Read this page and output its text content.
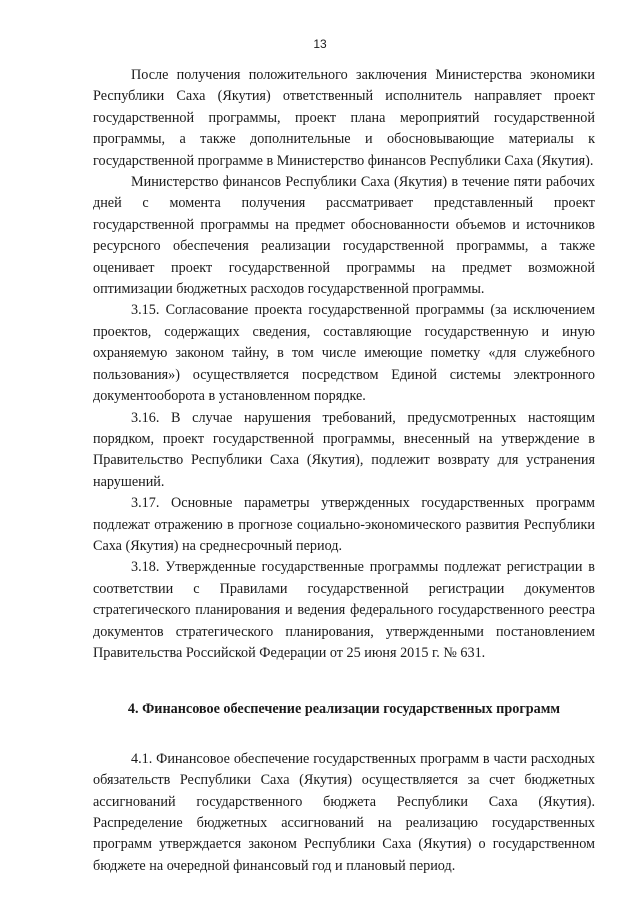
13

После получения положительного заключения Министерства экономики Республики Саха (Якутия) ответственный исполнитель направляет проект государственной программы, проект плана мероприятий государственной программы, а также дополнительные и обосновывающие материалы к государственной программе в Министерство финансов Республики Саха (Якутия).

Министерство финансов Республики Саха (Якутия) в течение пяти рабочих дней с момента получения рассматривает представленный проект государственной программы на предмет обоснованности объемов и источников ресурсного обеспечения реализации государственной программы, а также оценивает проект государственной программы на предмет возможной оптимизации бюджетных расходов государственной программы.

3.15. Согласование проекта государственной программы (за исключением проектов, содержащих сведения, составляющие государственную и иную охраняемую законом тайну, в том числе имеющие пометку «для служебного пользования») осуществляется посредством Единой системы электронного документооборота в установленном порядке.

3.16. В случае нарушения требований, предусмотренных настоящим порядком, проект государственной программы, внесенный на утверждение в Правительство Республики Саха (Якутия), подлежит возврату для устранения нарушений.

3.17. Основные параметры утвержденных государственных программ подлежат отражению в прогнозе социально-экономического развития Республики Саха (Якутия) на среднесрочный период.

3.18. Утвержденные государственные программы подлежат регистрации в соответствии с Правилами государственной регистрации документов стратегического планирования и ведения федерального государственного реестра документов стратегического планирования, утвержденными постановлением Правительства Российской Федерации от 25 июня 2015 г. № 631.

4. Финансовое обеспечение реализации государственных программ

4.1. Финансовое обеспечение государственных программ в части расходных обязательств Республики Саха (Якутия) осуществляется за счет бюджетных ассигнований государственного бюджета Республики Саха (Якутия). Распределение бюджетных ассигнований на реализацию государственных программ утверждается законом Республики Саха (Якутия) о государственном бюджете на очередной финансовый год и плановый период.
